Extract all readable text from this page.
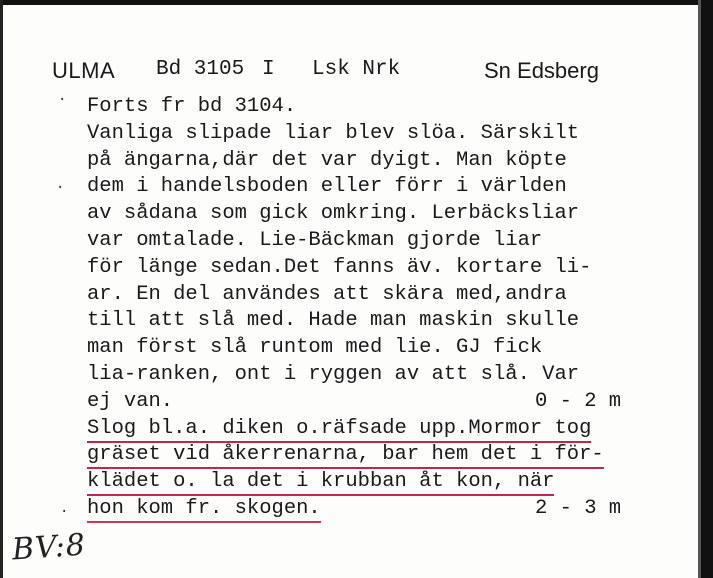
ULMA Bd 3105 I Lsk Nrk	Sn Edsberg
·
·
·
Forts fr bd 3104.
Vanliga slipade liar blev slöa. Särskilt
på ängarna,där det var dyigt. Man köpte
dem i handelsboden eller förr i världen
av sådana som gick omkring. Lerbäcksliar
var omtalade. Lie-Bäckman gjorde liar
för länge sedan.Det fanns äv. kortare li-
ar. En del användes att skära med,andra
till att slå med. Hade man maskin skulle
man först slå runtom med lie. GJ fick
lia-ranken, ont i ryggen av att slå. Var
ej van.	0 - 2 m
Slog bl.a. diken o.räfsade upp.Mormor tog
gräset vid åkerrenarna, bar hem det i för-
klädet o. la det i krubban åt kon, när
hon kom fr. skogen.	2 - 3 m
BV:8
